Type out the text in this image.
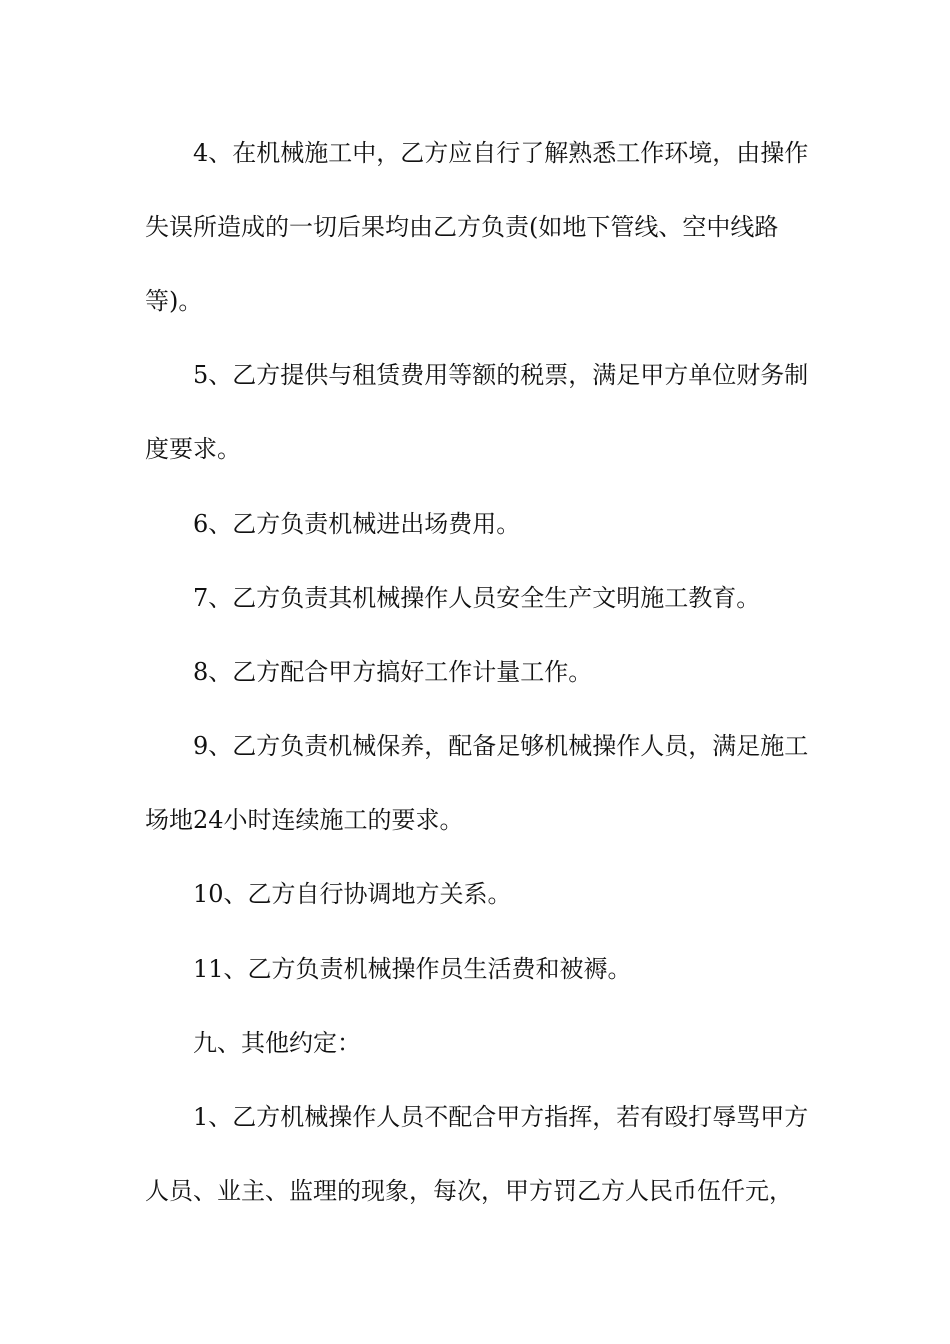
4、在机械施工中，乙方应自行了解熟悉工作环境，由操作
失误所造成的一切后果均由乙方负责(如地下管线、空中线路
等)。
5、乙方提供与租赁费用等额的税票，满足甲方单位财务制
度要求。
6、乙方负责机械进出场费用。
7、乙方负责其机械操作人员安全生产文明施工教育。
8、乙方配合甲方搞好工作计量工作。
9、乙方负责机械保养，配备足够机械操作人员，满足施工
场地24小时连续施工的要求。
10、乙方自行协调地方关系。
11、乙方负责机械操作员生活费和被褥。
九、其他约定：
1、乙方机械操作人员不配合甲方指挥，若有殴打辱骂甲方
人员、业主、监理的现象，每次，甲方罚乙方人民币伍仟元，
